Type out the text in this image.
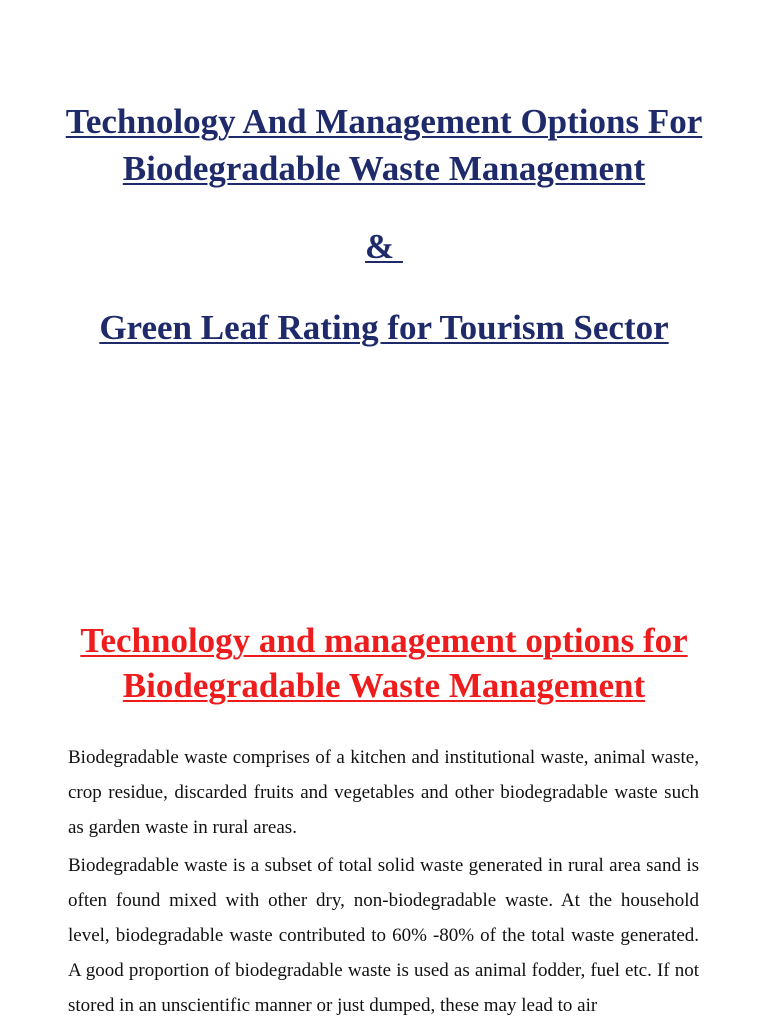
Technology And Management Options For Biodegradable Waste Management
&
Green Leaf Rating for Tourism Sector
Technology and management options for Biodegradable Waste Management

Biodegradable waste comprises of a kitchen and institutional waste, animal waste, crop residue, discarded fruits and vegetables and other biodegradable waste such as garden waste in rural areas.

Biodegradable waste is a subset of total solid waste generated in rural area sand is often found mixed with other dry, non-biodegradable waste. At the household level, biodegradable waste contributed to 60% -80% of the total waste generated. A good proportion of biodegradable waste is used as animal fodder, fuel etc. If not stored in an unscientific manner or just dumped, these may lead to air
